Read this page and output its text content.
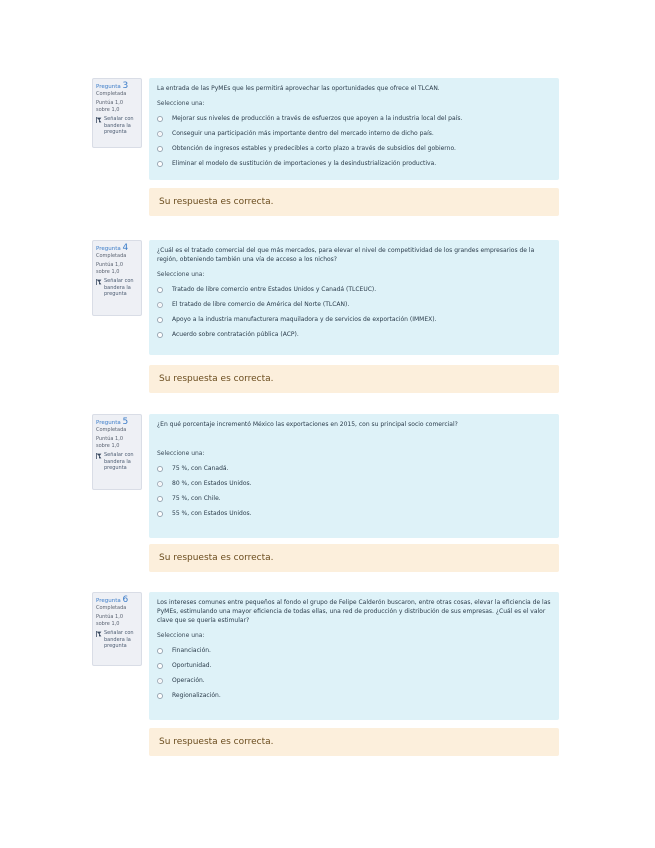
Pregunta 3
Completada
Puntúa 1,0
sobre 1,0
Señalar con bandera la pregunta

La entrada de las PyMEs que les permitirá aprovechar las oportunidades que ofrece el TLCAN.

Seleccione una:
Mejorar sus niveles de producción a través de esfuerzos que apoyen a la industria local del país.
Conseguir una participación más importante dentro del mercado interno de dicho país.
Obtención de ingresos estables y predecibles a corto plazo a través de subsidios del gobierno.
Eliminar el modelo de sustitución de importaciones y la desindustrialización productiva.
Su respuesta es correcta.
Pregunta 4
Completada
Puntúa 1,0
sobre 1,0
Señalar con bandera la pregunta

¿Cuál es el tratado comercial del que más mercados, para elevar el nivel de competitividad de los grandes empresarios de la región, obteniendo también una vía de acceso a los nichos?

Seleccione una:
Tratado de libre comercio entre Estados Unidos y Canadá (TLCEUC).
El tratado de libre comercio de América del Norte (TLCAN).
Apoyo a la industria manufacturera maquiladora y de servicios de exportación (IMMEX).
Acuerdo sobre contratación pública (ACP).
Su respuesta es correcta.
Pregunta 5
Completada
Puntúa 1,0
sobre 1,0
Señalar con bandera la pregunta

¿En qué porcentaje incrementó México las exportaciones en 2015, con su principal socio comercial?

Seleccione una:
75 %, con Canadá.
80 %, con Estados Unidos.
75 %, con Chile.
55 %, con Estados Unidos.
Su respuesta es correcta.
Pregunta 6
Completada
Puntúa 1,0
sobre 1,0
Señalar con bandera la pregunta

Los intereses comunes entre pequeños al fondo el grupo de Felipe Calderón buscaron, entre otras cosas, elevar la eficiencia de las PyMEs, estimulando una mayor eficiencia de todas ellas, una red de producción y distribución de sus empresas. ¿Cuál es el valor clave que se quería estimular?

Seleccione una:
Financiación.
Oportunidad.
Operación.
Regionalización.
Su respuesta es correcta.
